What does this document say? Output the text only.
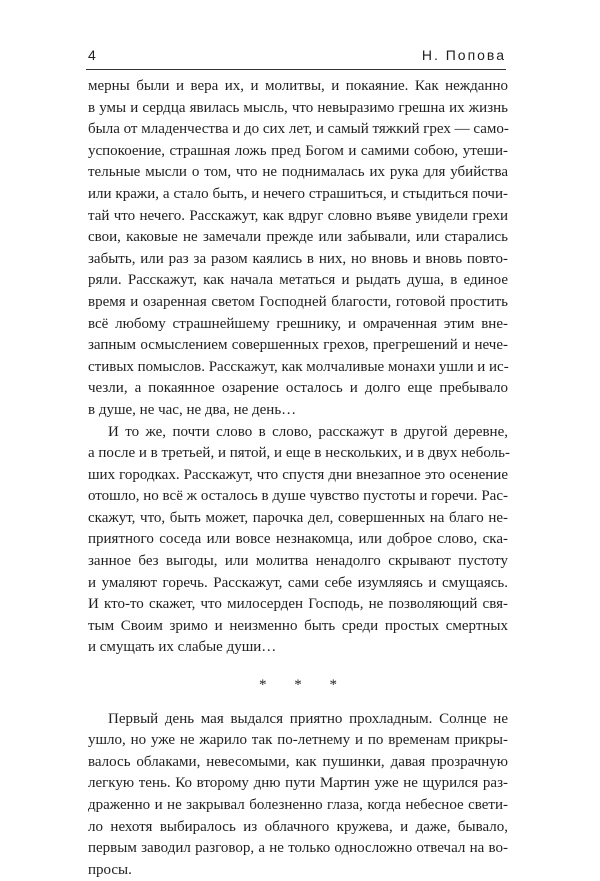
4	Н. Попова
мерны были и вера их, и молитвы, и покаяние. Как нежданно
в умы и сердца явилась мысль, что невыразимо грешна их жизнь
была от младенчества и до сих лет, и самый тяжкий грех — само-
успокоение, страшная ложь пред Богом и самими собою, утеши-
тельные мысли о том, что не поднималась их рука для убийства
или кражи, а стало быть, и нечего страшиться, и стыдиться почи-
тай что нечего. Расскажут, как вдруг словно въяве увидели грехи
свои, каковые не замечали прежде или забывали, или старались
забыть, или раз за разом каялись в них, но вновь и вновь повто-
ряли. Расскажут, как начала метаться и рыдать душа, в единое
время и озаренная светом Господней благости, готовой простить
всё любому страшнейшему грешнику, и омраченная этим вне-
запным осмыслением совершенных грехов, прегрешений и нече-
стивых помыслов. Расскажут, как молчаливые монахи ушли и ис-
чезли, а покаянное озарение осталось и долго еще пребывало
в душе, не час, не два, не день…
И то же, почти слово в слово, расскажут в другой деревне,
а после и в третьей, и пятой, и еще в нескольких, и в двух неболь-
ших городках. Расскажут, что спустя дни внезапное это осенение
отошло, но всё ж осталось в душе чувство пустоты и горечи. Рас-
скажут, что, быть может, парочка дел, совершенных на благо не-
приятного соседа или вовсе незнакомца, или доброе слово, ска-
занное без выгоды, или молитва ненадолго скрывают пустоту
и умаляют горечь. Расскажут, сами себе изумляясь и смущаясь.
И кто-то скажет, что милосерден Господь, не позволяющий свя-
тым Своим зримо и неизменно быть среди простых смертных
и смущать их слабые души…
* * *
Первый день мая выдался приятно прохладным. Солнце не
ушло, но уже не жарило так по-летнему и по временам прикры-
валось облаками, невесомыми, как пушинки, давая прозрачную
легкую тень. Ко второму дню пути Мартин уже не щурился раз-
драженно и не закрывал болезненно глаза, когда небесное свети-
ло нехотя выбиралось из облачного кружева, и даже, бывало,
первым заводил разговор, а не только односложно отвечал на во-
просы.
